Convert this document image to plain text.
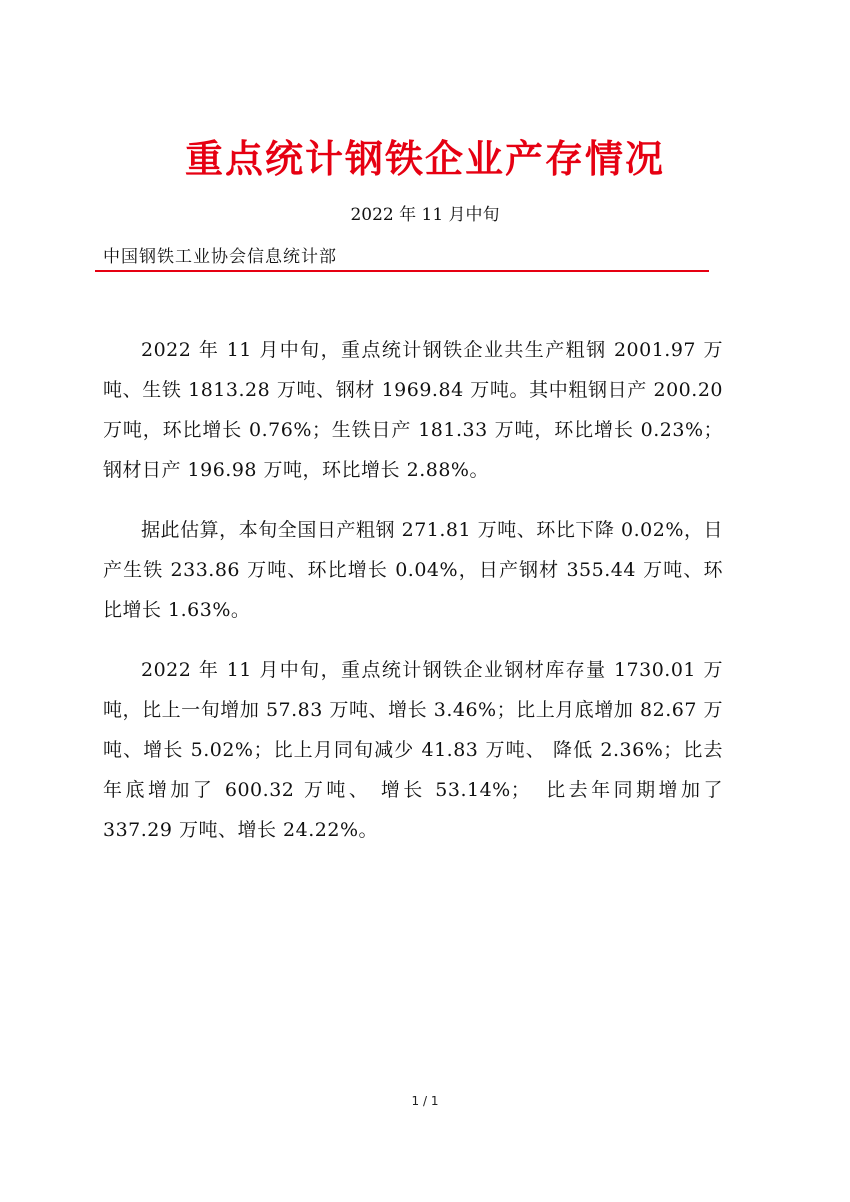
重点统计钢铁企业产存情况
2022 年 11 月中旬
中国钢铁工业协会信息统计部

2022 年 11 月中旬，重点统计钢铁企业共生产粗钢 2001.97 万吨、生铁 1813.28 万吨、钢材 1969.84 万吨。其中粗钢日产 200.20 万吨，环比增长 0.76%；生铁日产 181.33 万吨，环比增长 0.23%；钢材日产 196.98 万吨，环比增长 2.88%。

据此估算，本旬全国日产粗钢 271.81 万吨、环比下降 0.02%，日产生铁 233.86 万吨、环比增长 0.04%，日产钢材 355.44 万吨、环比增长 1.63%。

2022 年 11 月中旬，重点统计钢铁企业钢材库存量 1730.01 万吨，比上一旬增加 57.83 万吨、增长 3.46%；比上月底增加 82.67 万吨、增长 5.02%；比上月同旬减少 41.83 万吨、 降低 2.36%；比去年底增加了 600.32 万吨、 增长 53.14%；　比去年同期增加了 337.29 万吨、增长 24.22%。

1 / 1
